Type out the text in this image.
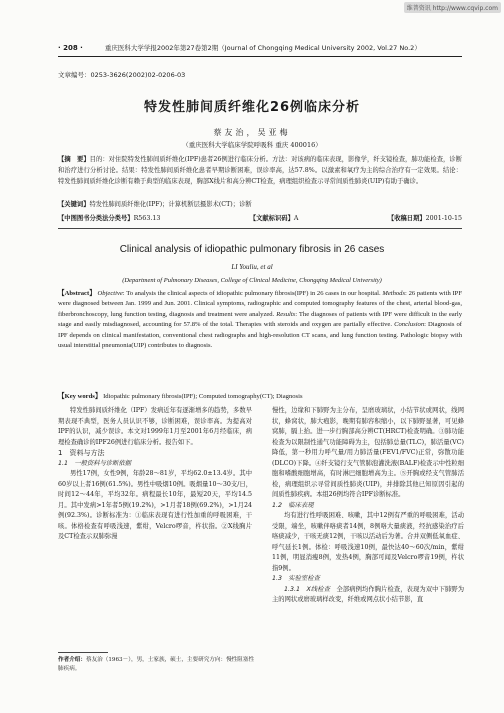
维普资讯 http://www.cqvip.com
· 208 ·	重庆医科大学学报2002年第27卷第2期（Journal of Chongqing Medical University 2002, Vol.27 No.2）
文章编号：0253-3626(2002)02-0206-03
特发性肺间质纤维化26例临床分析
蔡友治，吴亚梅
（重庆医科大学临床学院呼吸科 重庆 400016）
【摘　要】目的：对住院特发性肺间质纤维化(IPF)患者26例进行临床分析。方法：对该病的临床表现，影像学，纤支镜检查，肺功能检查，诊断和治疗进行分析讨论。结果：特发性肺间质纤维化患者早期诊断困难，误诊率高，达57.8%。以激素和氧疗为主的综合治疗有一定效果。结论：特发性肺间质纤维化诊断有赖于典型的临床表现，胸部X线片和高分辨CT检查，病理组织检查示寻常间质性肺炎(UIP)有助于确诊。
【关键词】特发性肺间质纤维化(IPF)；计算机断层摄影术(CT)；诊断
【中图图书分类法分类号】R563.13	【文献标识码】A	【收稿日期】2001-10-15
Clinical analysis of idiopathic pulmonary fibrosis in 26 cases
LI Youliu, et al
(Department of Pulmonary Diseases, College of Clinical Medicine, Chongqing Medical University)
【Abstract】 Objective: To analysis the clinical aspects of idiopathic pulmonary fibrosis(IPF) in 26 cases in our hospital. Methods: 26 patients with IPF were diagnosed between Jan. 1999 and Jun. 2001. Clinical symptoms, radiographic and computed tomography features of the chest, arterial blood-gas, fiberbronchoscopy, lung function testing, diagnosis and treatment were analyzed. Results: The diagnoses of patients with IPF were difficult in the early stage and easily misdiagnosed, accounting for 57.8% of the total. Therapies with steroids and oxygen are partially effective. Conclusion: Diagnosis of IPF depends on clinical manifestation, conventional chest radiographs and high-resolution CT scans, and lung function testing. Pathologic biopsy with usual interstitial pneumonia(UIP) contributes to diagnosis.
【Key words】 Idiopathic pulmonary fibrosis(IPF); Computed tomography(CT); Diagnosis

特发性肺间质纤维化（IPF）发病近年有逐渐增多的趋势，多数早期表现不典型，医务人员认识不够，诊断困难，误诊率高。为提高对IPF的认识，减少误诊。本文对1999年1月至2001年6月经临床，病理检查确诊的IPF26例进行临床分析。报告如下。

1　资料与方法

1.1　一般资料与诊断依据

男性17例，女性9例，年龄28～81岁，平均62.0±13.4岁。其中60岁以上者16例(61.5%)。男性中吸烟10例。吸烟量10～30支/日，时间12～44年，平均32年。病程最长10年，最短20天，平均14.5月。其中发病>1年者5例(19.2%)，>1月者18例(69.2%)，>1月24例(92.3%)。诊断标准为：①临床表现有进行性加重的呼吸困难，干咳。体格检查有呼吸浅速，紫绀，Velcro啰音，杵状指。②X线胸片及CT检查示双肺弥漫

慢性，边缘和下肺野为主分布，呈磨玻璃状，小结节状或网状，线网状，蜂窝状，肺大疱影，晚期有肺容积缩小，以下肺野显著，可见蜂窝肺，膈上抬。进一步行胸部高分辨CT(HRCT)检查明确。③肺功能检查为以限制性通气功能障碍为主，包括肺总量(TLC)，肺活量(VC)降低，第一秒用力呼气量/用力肺活量(FEV1/FVC)正常，弥散功能(DLCO)下降。④纤支镜行支气管肺泡灌洗液(BALF)检查示中性粒细胞和嗜酸细胞增高，有时淋巴细胞增高为主。⑤开胸或经支气管肺活检，病理组织示寻常间质性肺炎(UIP)，并排除其他已知原因引起的间质性肺疾病。本组26例均符合IPF诊断标准。

1.2　临床表现

均有进行性呼吸困难、咳嗽，其中12例有严重的呼吸困难，活动受限，端坐，咳嗽伴咯痰者14例，8例咯大量痰液，经抗感染治疗后咯痰减少，干咳无痰12例，干咳以活动后为著。合并双侧低氧血症、呼气延长1例。体检：呼吸浅速10例，最快达40～60次/min，紫绀11例，明显消瘦8例，发热4例，胸部可闻及Velcro啰音19例，杵状指9例。

1.3　实验室检查

1.3.1　X线检查　 全部病例均作胸片检查，表现为双中下肺野为主的网状或磨玻璃样改变，纤维或网点状小结节影，直

作者介绍：蔡友治（1963－），男，土家族，硕士，主要研究方向：慢性阻塞性肺疾病。
